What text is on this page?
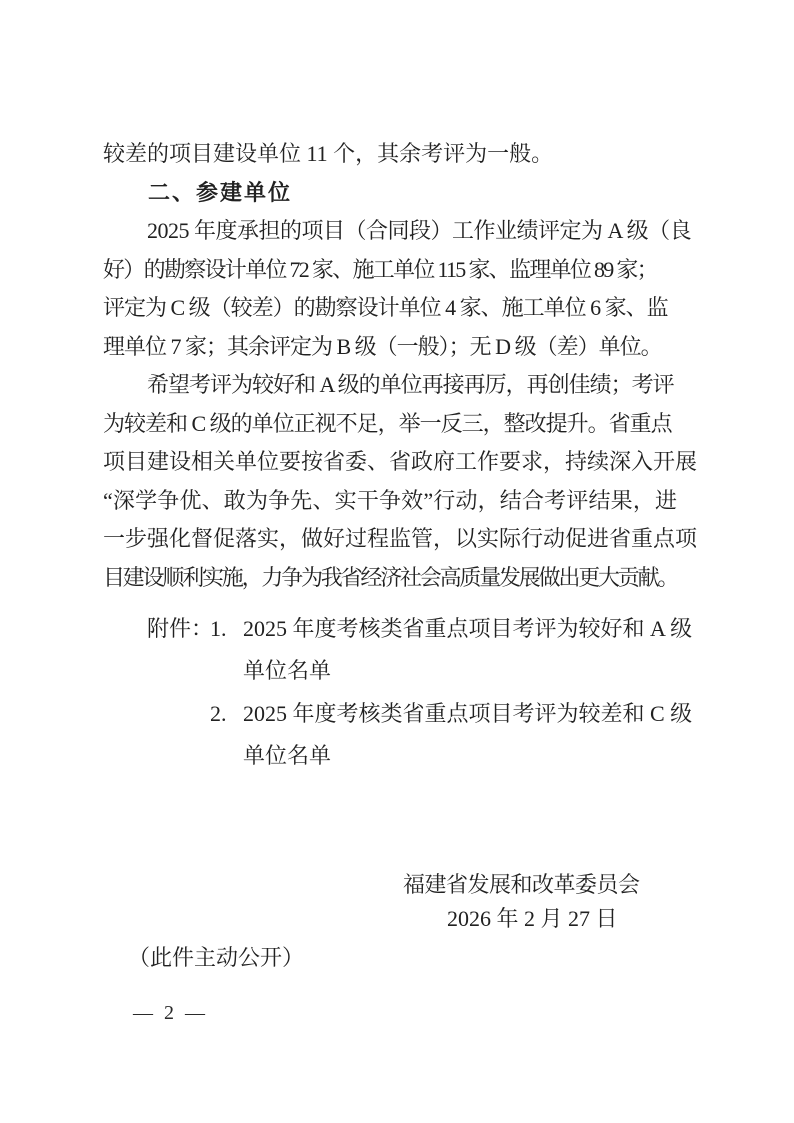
较差的项目建设单位 11 个，其余考评为一般。
二、参建单位
2025 年度承担的项目（合同段）工作业绩评定为 A 级（良
好）的勘察设计单位 72 家、施工单位 115 家、监理单位 89 家；
评定为 C 级（较差）的勘察设计单位 4 家、施工单位 6 家、监
理单位 7 家；其余评定为 B 级（一般）；无 D 级（差）单位。
希望考评为较好和 A 级的单位再接再厉，再创佳绩；考评
为较差和 C 级的单位正视不足，举一反三，整改提升。省重点
项目建设相关单位要按省委、省政府工作要求，持续深入开展
“深学争优、敢为争先、实干争效”行动，结合考评结果，进
一步强化督促落实，做好过程监管，以实际行动促进省重点项
目建设顺利实施，力争为我省经济社会高质量发展做出更大贡献。
附件：
1. 2025 年度考核类省重点项目考评为较好和 A 级
单位名单
2. 2025 年度考核类省重点项目考评为较差和 C 级
单位名单
福建省发展和改革委员会
2026 年 2 月 27 日
（此件主动公开）
— 2 —
